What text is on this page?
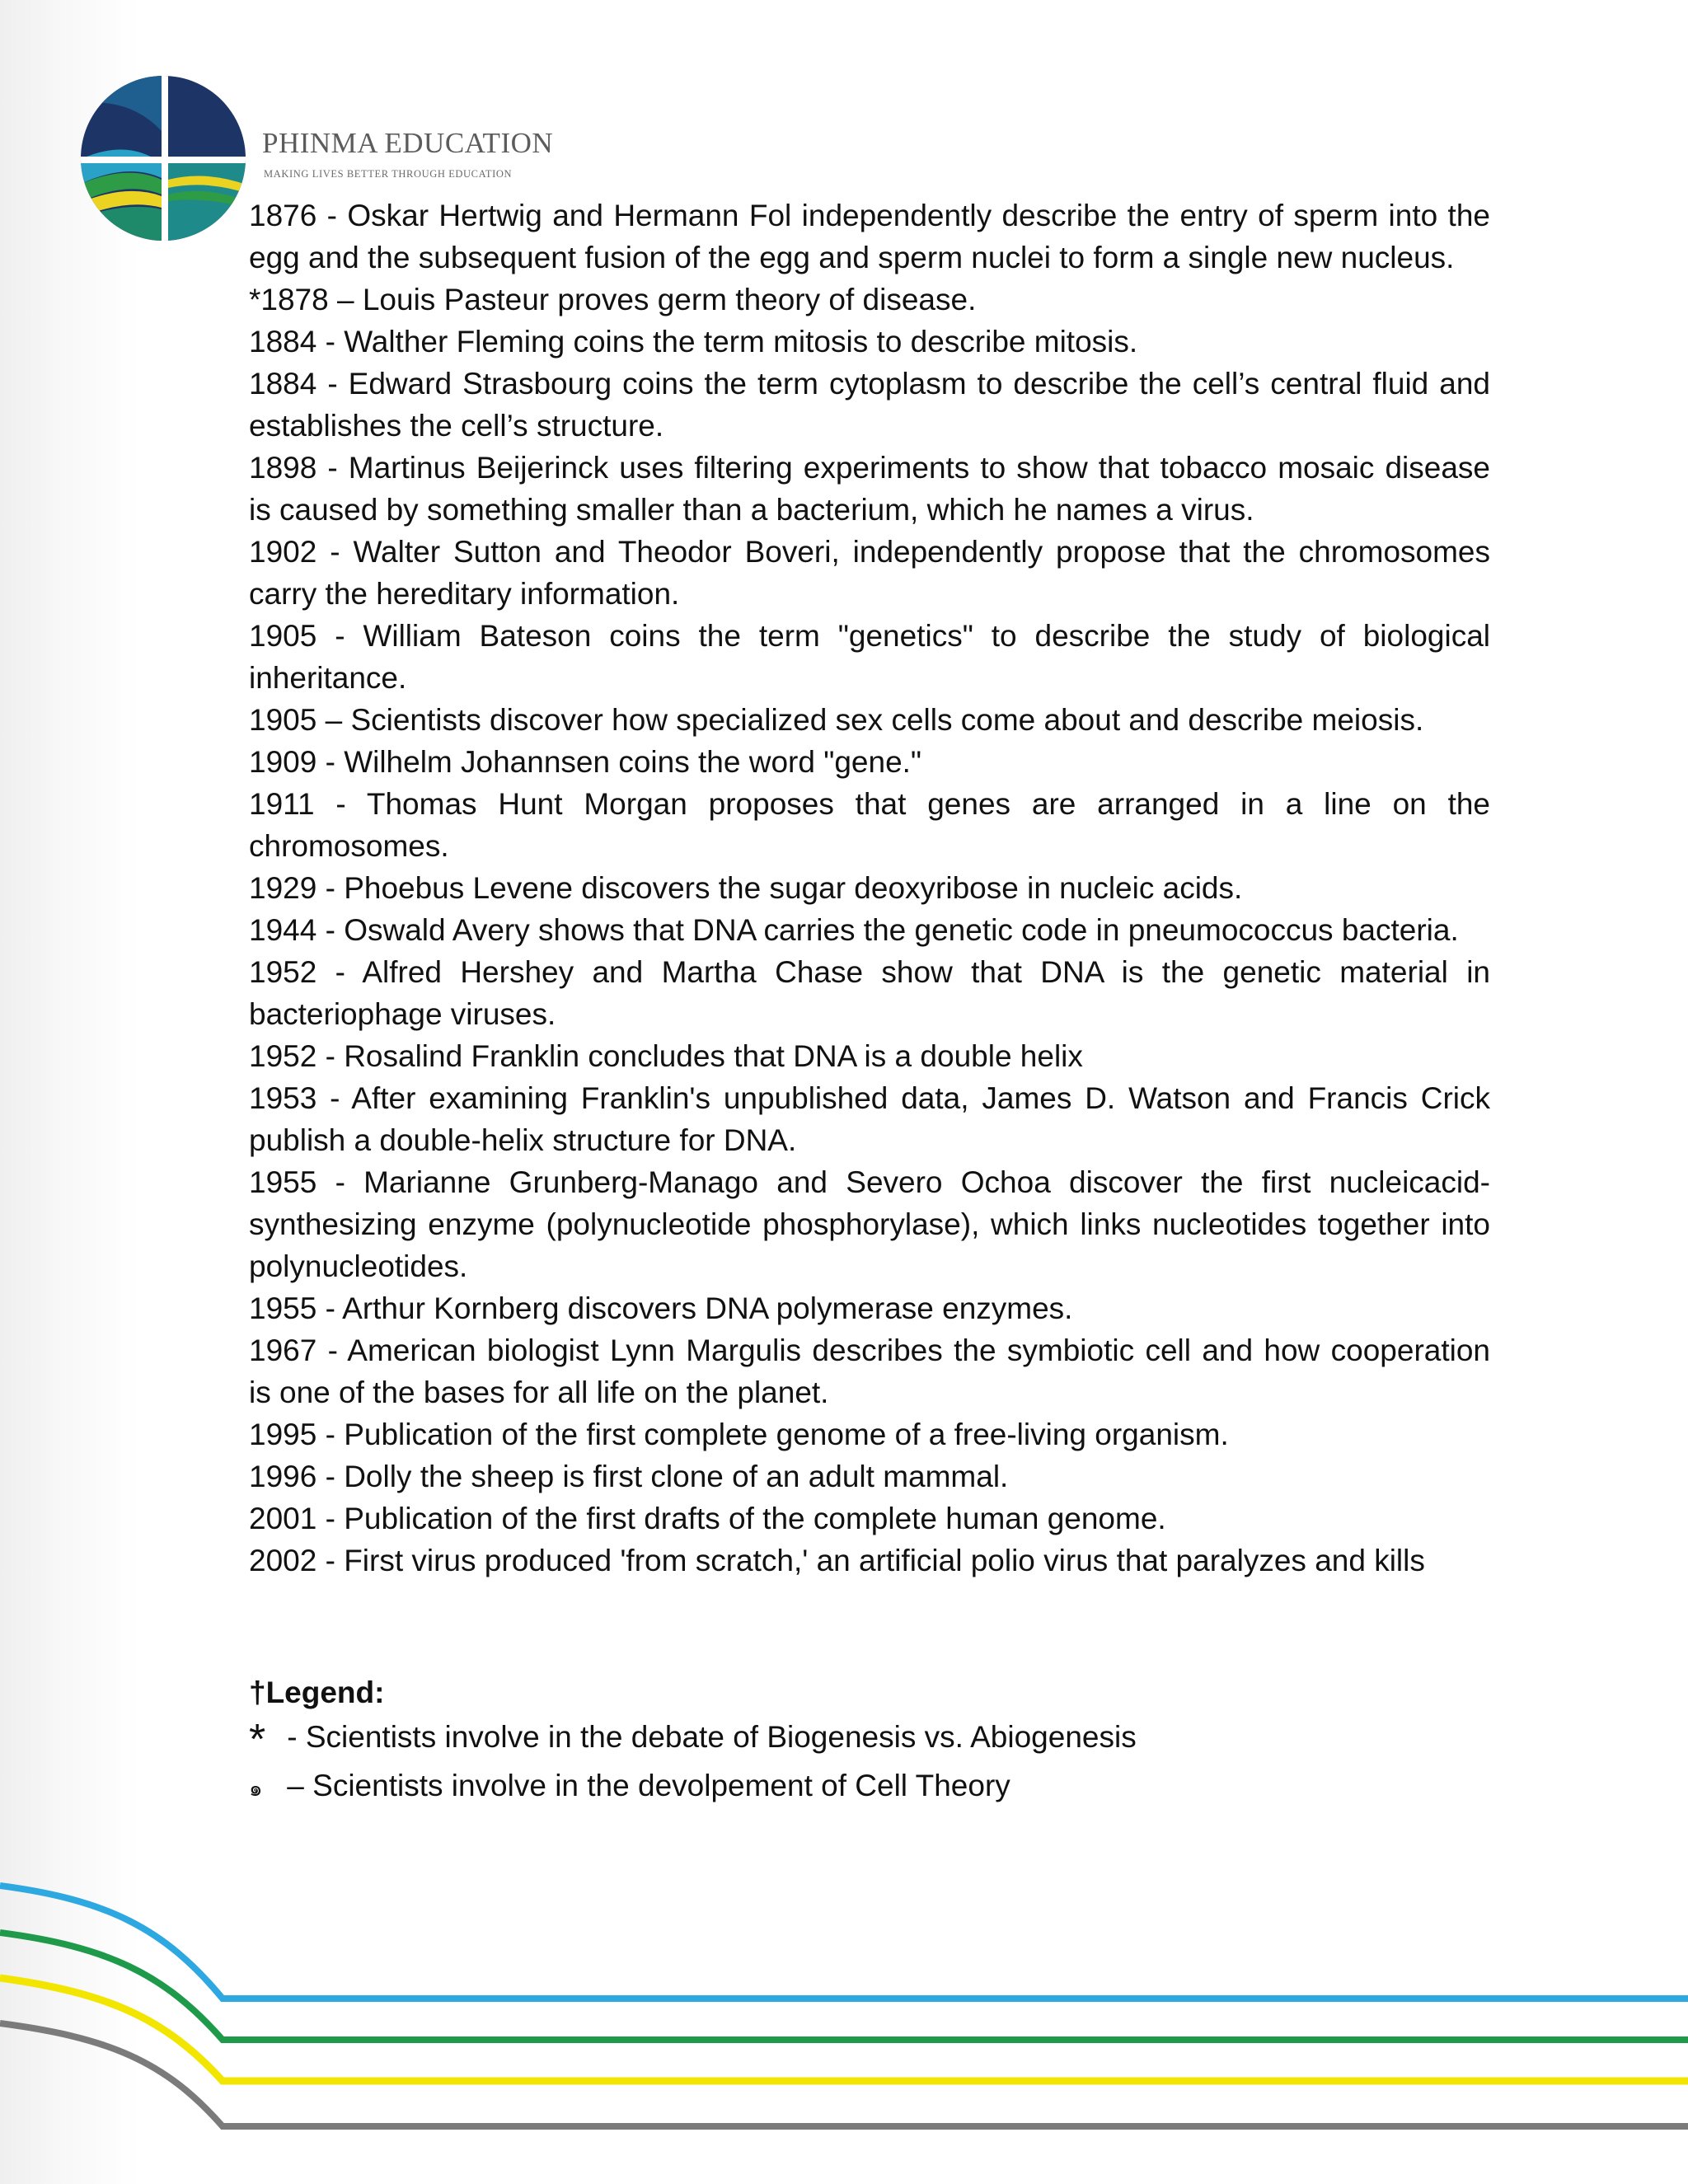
PHINMA EDUCATION
MAKING LIVES BETTER THROUGH EDUCATION
1876 - Oskar Hertwig and Hermann Fol independently describe the entry of sperm into the egg and the subsequent fusion of the egg and sperm nuclei to form a single new nucleus.
*1878 – Louis Pasteur proves germ theory of disease.
1884 - Walther Fleming coins the term mitosis to describe mitosis.
1884 - Edward Strasbourg coins the term cytoplasm to describe the cell’s central fluid and establishes the cell’s structure.
1898 - Martinus Beijerinck uses filtering experiments to show that tobacco mosaic disease is caused by something smaller than a bacterium, which he names a virus.
1902 - Walter Sutton and Theodor Boveri, independently propose that the chromosomes carry the hereditary information.
1905 - William Bateson coins the term "genetics" to describe the study of biological inheritance.
1905 – Scientists discover how specialized sex cells come about and describe meiosis.
1909 - Wilhelm Johannsen coins the word "gene."
1911 - Thomas Hunt Morgan proposes that genes are arranged in a line on the chromosomes.
1929 - Phoebus Levene discovers the sugar deoxyribose in nucleic acids.
1944 - Oswald Avery shows that DNA carries the genetic code in pneumococcus bacteria.
1952 - Alfred Hershey and Martha Chase show that DNA is the genetic material in bacteriophage viruses.
1952 - Rosalind Franklin concludes that DNA is a double helix
1953 - After examining Franklin's unpublished data, James D. Watson and Francis Crick publish a double-helix structure for DNA.
1955 - Marianne Grunberg-Manago and Severo Ochoa discover the first nucleicacid-synthesizing enzyme (polynucleotide phosphorylase), which links nucleotides together into polynucleotides.
1955 - Arthur Kornberg discovers DNA polymerase enzymes.
1967 - American biologist Lynn Margulis describes the symbiotic cell and how cooperation is one of the bases for all life on the planet.
1995 - Publication of the first complete genome of a free-living organism.
1996 - Dolly the sheep is first clone of an adult mammal.
2001 - Publication of the first drafts of the complete human genome.
2002 - First virus produced 'from scratch,' an artificial polio virus that paralyzes and kills
†Legend:
* - Scientists involve in the debate of Biogenesis vs. Abiogenesis
๑ – Scientists involve in the devolpement of Cell Theory
